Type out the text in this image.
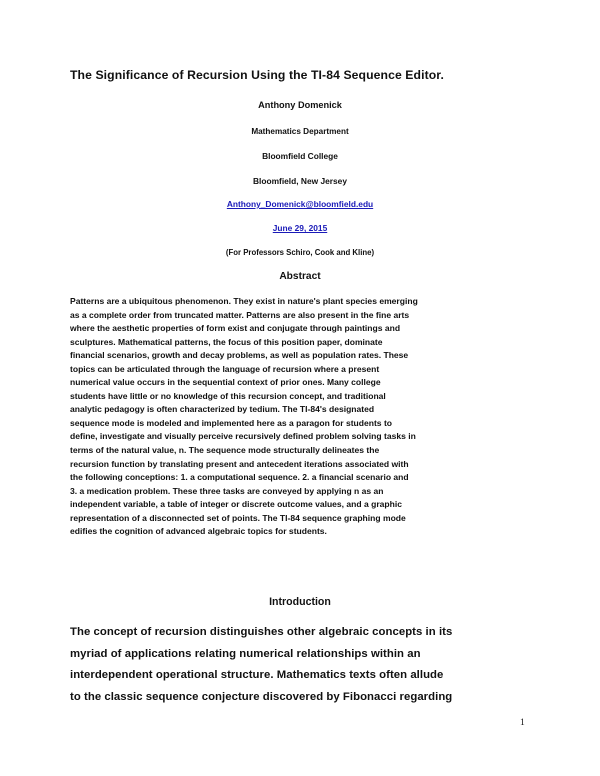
The Significance of Recursion Using the TI-84 Sequence Editor.
Anthony Domenick
Mathematics Department
Bloomfield College
Bloomfield, New Jersey
Anthony_Domenick@bloomfield.edu
June 29, 2015
(For Professors Schiro, Cook and Kline)
Abstract
Patterns are a ubiquitous phenomenon. They exist in nature's plant species emerging
as a complete order from truncated matter. Patterns are also present in the fine arts
where the aesthetic properties of form exist and conjugate through paintings and
sculptures. Mathematical patterns, the focus of this position paper, dominate
financial scenarios, growth and decay problems, as well as population rates. These
topics can be articulated through the language of recursion where a present
numerical value occurs in the sequential context of prior ones. Many college
students have little or no knowledge of this recursion concept, and traditional
analytic pedagogy is often characterized by tedium. The TI-84's designated
sequence mode is modeled and implemented here as a paragon for students to
define, investigate and visually perceive recursively defined problem solving tasks in
terms of the natural value, n. The sequence mode structurally delineates the
recursion function by translating present and antecedent iterations associated with
the following conceptions: 1. a computational sequence. 2. a financial scenario and
3. a medication problem. These three tasks are conveyed by applying n as an
independent variable, a table of integer or discrete outcome values, and a graphic
representation of a disconnected set of points. The TI-84 sequence graphing mode
edifies the cognition of advanced algebraic topics for students.
Introduction
The concept of recursion distinguishes other algebraic concepts in its
myriad of applications relating numerical relationships within an
interdependent operational structure. Mathematics texts often allude
to the classic sequence conjecture discovered by Fibonacci regarding
1
